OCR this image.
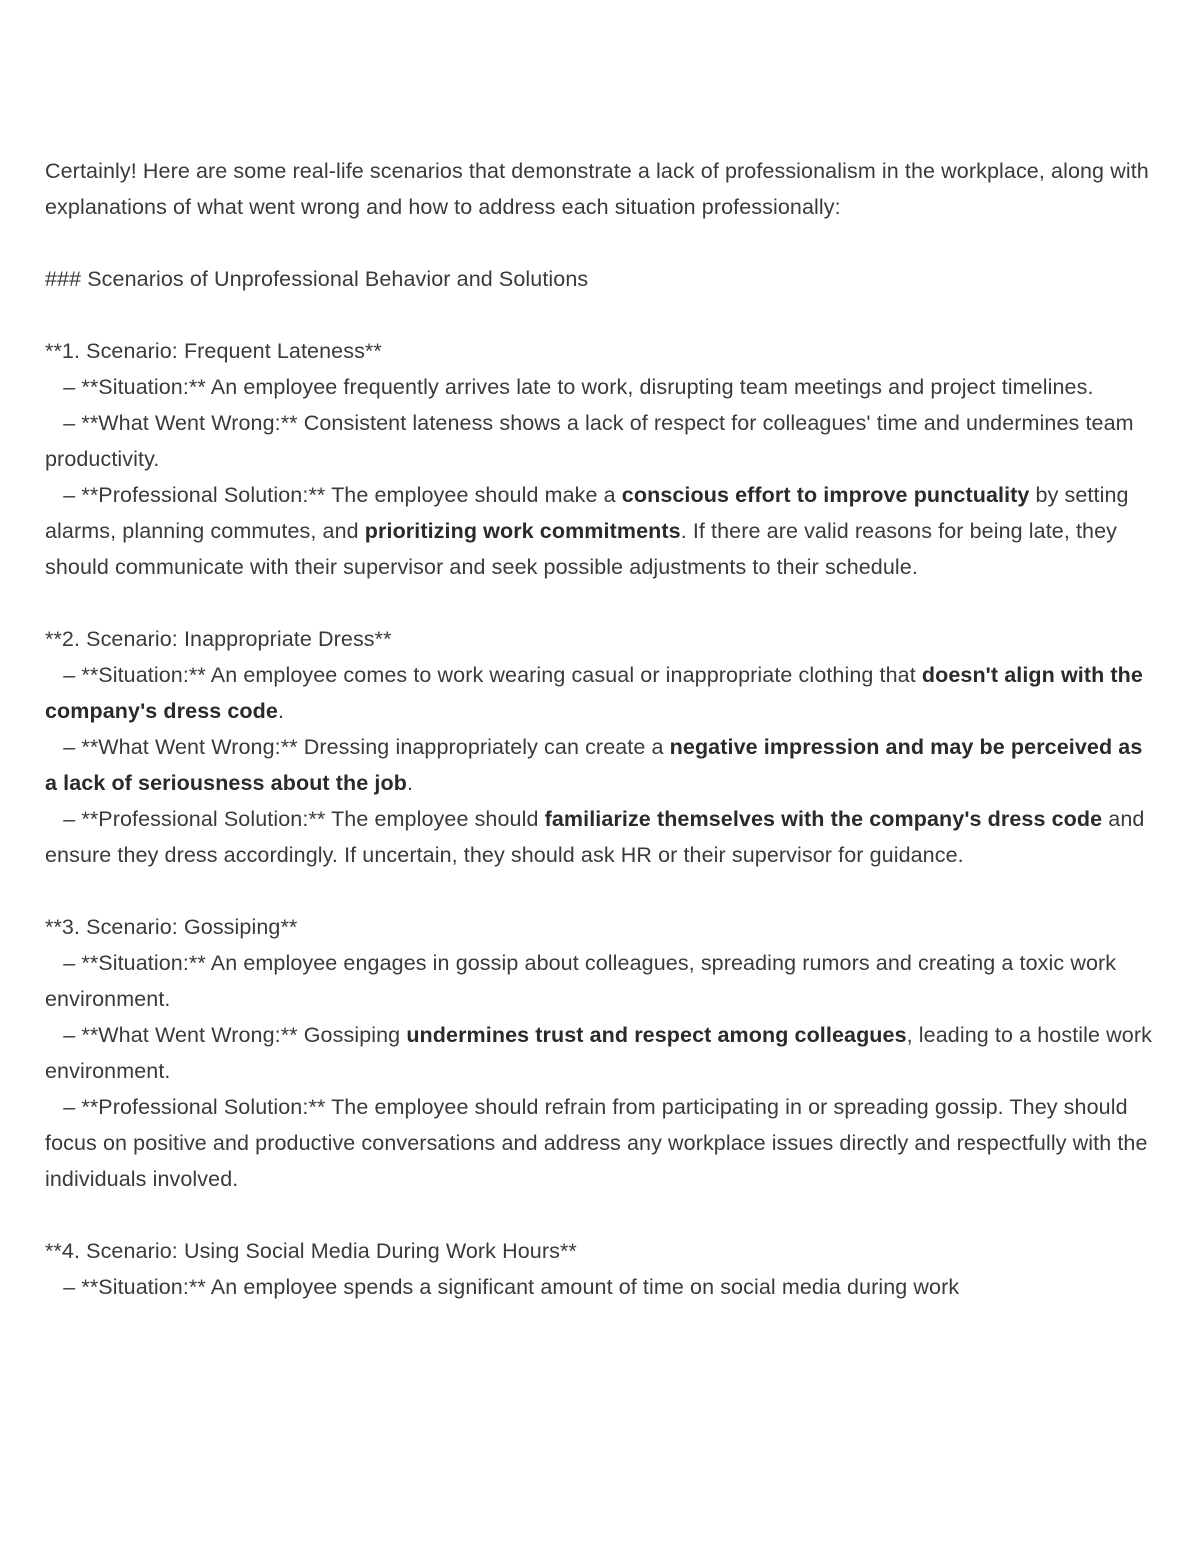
Certainly! Here are some real-life scenarios that demonstrate a lack of professionalism in the workplace, along with explanations of what went wrong and how to address each situation professionally:

### Scenarios of Unprofessional Behavior and Solutions

**1. Scenario: Frequent Lateness**

– **Situation:** An employee frequently arrives late to work, disrupting team meetings and project timelines.

– **What Went Wrong:** Consistent lateness shows a lack of respect for colleagues' time and undermines team productivity.

– **Professional Solution:** The employee should make a conscious effort to improve punctuality by setting alarms, planning commutes, and prioritizing work commitments. If there are valid reasons for being late, they should communicate with their supervisor and seek possible adjustments to their schedule.

**2. Scenario: Inappropriate Dress**

– **Situation:** An employee comes to work wearing casual or inappropriate clothing that doesn't align with the company's dress code.

– **What Went Wrong:** Dressing inappropriately can create a negative impression and may be perceived as a lack of seriousness about the job.

– **Professional Solution:** The employee should familiarize themselves with the company's dress code and ensure they dress accordingly. If uncertain, they should ask HR or their supervisor for guidance.

**3. Scenario: Gossiping**

– **Situation:** An employee engages in gossip about colleagues, spreading rumors and creating a toxic work environment.

– **What Went Wrong:** Gossiping undermines trust and respect among colleagues, leading to a hostile work environment.

– **Professional Solution:** The employee should refrain from participating in or spreading gossip. They should focus on positive and productive conversations and address any workplace issues directly and respectfully with the individuals involved.

**4. Scenario: Using Social Media During Work Hours**

– **Situation:** An employee spends a significant amount of time on social media during work
